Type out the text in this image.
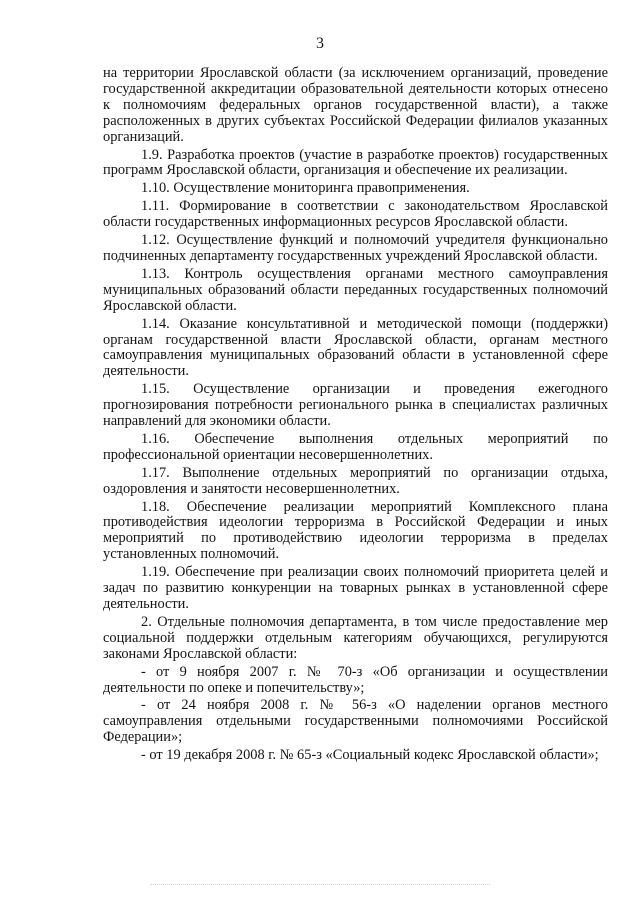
3

на территории Ярославской области (за исключением организаций, проведение государственной аккредитации образовательной деятельности которых отнесено к полномочиям федеральных органов государственной власти), а также расположенных в других субъектах Российской Федерации филиалов указанных организаций.

1.9. Разработка проектов (участие в разработке проектов) государственных программ Ярославской области, организация и обеспечение их реализации.

1.10. Осуществление мониторинга правоприменения.

1.11. Формирование в соответствии с законодательством Ярославской области государственных информационных ресурсов Ярославской области.

1.12. Осуществление функций и полномочий учредителя функционально подчиненных департаменту государственных учреждений Ярославской области.

1.13. Контроль осуществления органами местного самоуправления муниципальных образований области переданных государственных полномочий Ярославской области.

1.14. Оказание консультативной и методической помощи (поддержки) органам государственной власти Ярославской области, органам местного самоуправления муниципальных образований области в установленной сфере деятельности.

1.15. Осуществление организации и проведения ежегодного прогнозирования потребности регионального рынка в специалистах различных направлений для экономики области.

1.16. Обеспечение выполнения отдельных мероприятий по профессиональной ориентации несовершеннолетних.

1.17. Выполнение отдельных мероприятий по организации отдыха, оздоровления и занятости несовершеннолетних.

1.18. Обеспечение реализации мероприятий Комплексного плана противодействия идеологии терроризма в Российской Федерации и иных мероприятий по противодействию идеологии терроризма в пределах установленных полномочий.

1.19. Обеспечение при реализации своих полномочий приоритета целей и задач по развитию конкуренции на товарных рынках в установленной сфере деятельности.

2. Отдельные полномочия департамента, в том числе предоставление мер социальной поддержки отдельным категориям обучающихся, регулируются законами Ярославской области:

- от 9 ноября 2007 г. № 70-з «Об организации и осуществлении деятельности по опеке и попечительству»;

- от 24 ноября 2008 г. № 56-з «О наделении органов местного самоуправления отдельными государственными полномочиями Российской Федерации»;

- от 19 декабря 2008 г. № 65-з «Социальный кодекс Ярославской области»;
